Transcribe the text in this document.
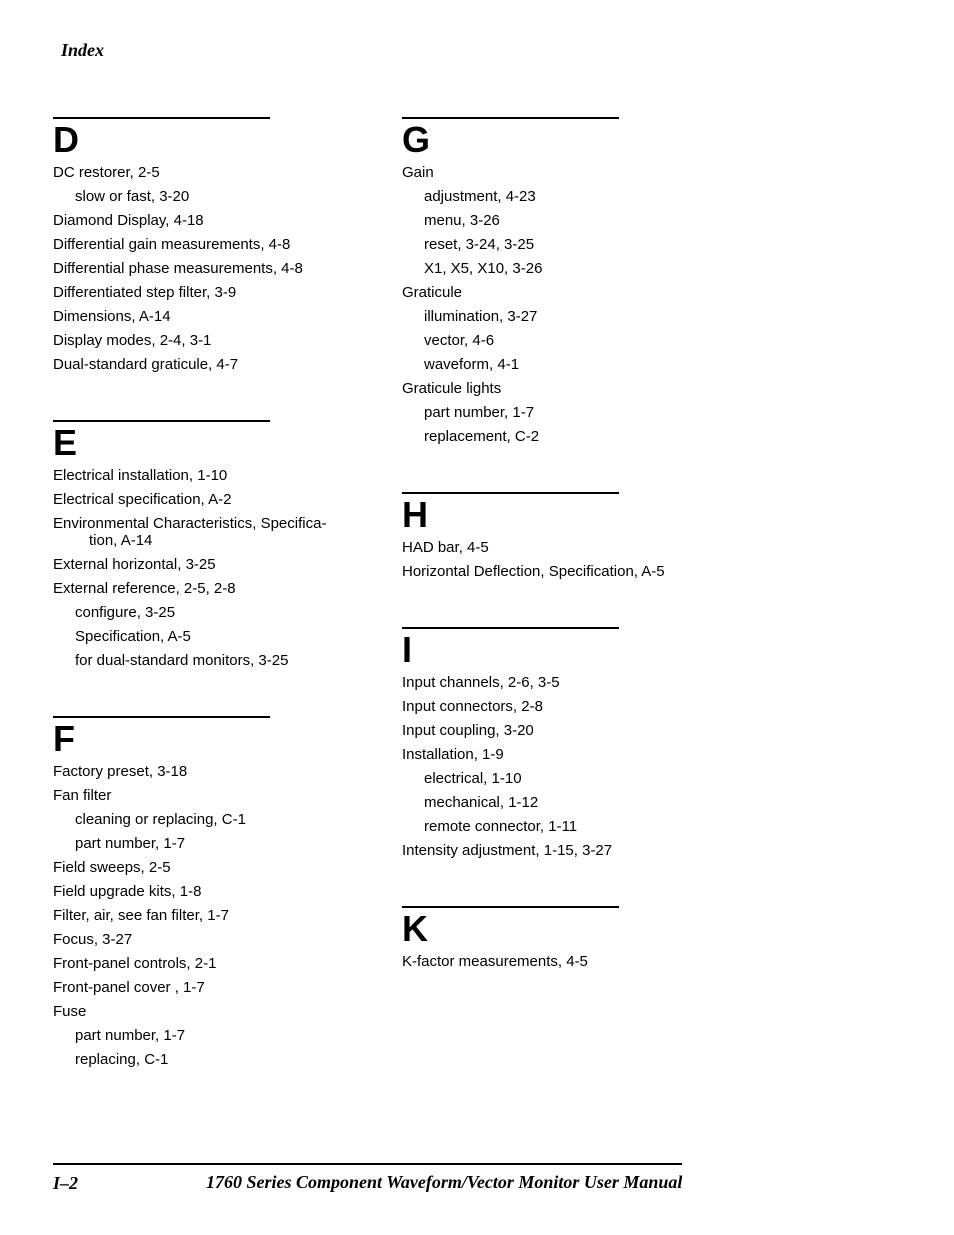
Index
D
DC restorer, 2-5
slow or fast, 3-20
Diamond Display, 4-18
Differential gain measurements, 4-8
Differential phase measurements, 4-8
Differentiated step filter, 3-9
Dimensions, A-14
Display modes, 2-4, 3-1
Dual-standard graticule, 4-7
E
Electrical installation, 1-10
Electrical specification, A-2
Environmental Characteristics, Specifica-
tion, A-14
External horizontal, 3-25
External reference, 2-5, 2-8
configure, 3-25
Specification, A-5
for dual-standard monitors, 3-25
F
Factory preset, 3-18
Fan filter
cleaning or replacing, C-1
part number, 1-7
Field sweeps, 2-5
Field upgrade kits, 1-8
Filter, air, see fan filter, 1-7
Focus, 3-27
Front-panel controls, 2-1
Front-panel cover , 1-7
Fuse
part number, 1-7
replacing, C-1
G
Gain
adjustment, 4-23
menu, 3-26
reset, 3-24, 3-25
X1, X5, X10, 3-26
Graticule
illumination, 3-27
vector, 4-6
waveform, 4-1
Graticule lights
part number, 1-7
replacement, C-2
H
HAD bar, 4-5
Horizontal Deflection, Specification, A-5
I
Input channels, 2-6, 3-5
Input connectors, 2-8
Input coupling, 3-20
Installation, 1-9
electrical, 1-10
mechanical, 1-12
remote connector, 1-11
Intensity adjustment, 1-15, 3-27
K
K-factor measurements, 4-5
I–2	1760 Series Component Waveform/Vector Monitor User Manual
